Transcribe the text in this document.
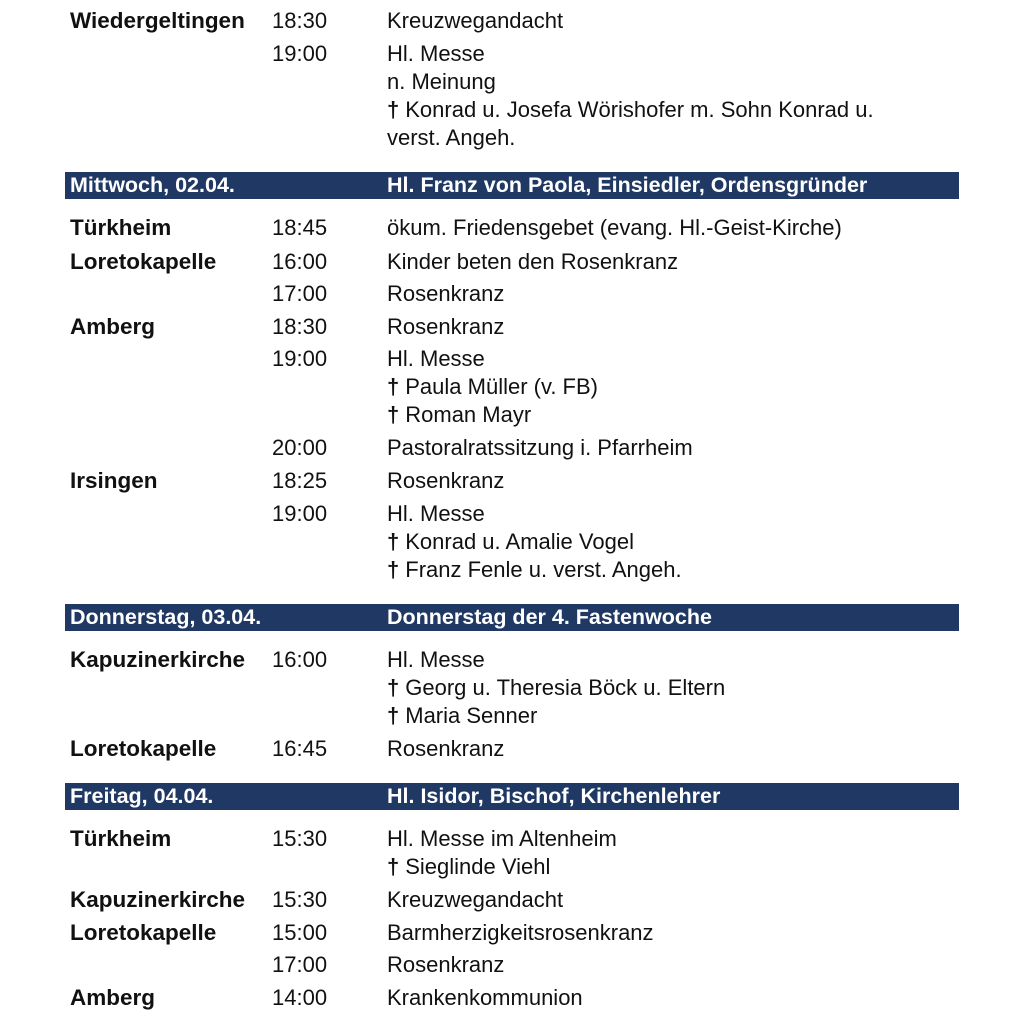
Wiedergeltingen 18:30	Kreuzwegandacht
19:00	Hl. Messe
n. Meinung
† Konrad u. Josefa Wörishofer m. Sohn Konrad u.
verst. Angeh.
Mittwoch, 02.04.	Hl. Franz von Paola, Einsiedler, Ordensgründer
Türkheim	18:45	ökum. Friedensgebet (evang. Hl.-Geist-Kirche)
Loretokapelle	16:00	Kinder beten den Rosenkranz
17:00	Rosenkranz
Amberg	18:30	Rosenkranz
19:00	Hl. Messe
† Paula Müller (v. FB)
† Roman Mayr
20:00	Pastoralratssitzung i. Pfarrheim
Irsingen	18:25	Rosenkranz
19:00	Hl. Messe
† Konrad u. Amalie Vogel
† Franz Fenle u. verst. Angeh.
Donnerstag, 03.04.	Donnerstag der 4. Fastenwoche
Kapuzinerkirche 16:00	Hl. Messe
† Georg u. Theresia Böck u. Eltern
† Maria Senner
Loretokapelle	16:45	Rosenkranz
Freitag, 04.04.	Hl. Isidor, Bischof, Kirchenlehrer
Türkheim	15:30	Hl. Messe im Altenheim
† Sieglinde Viehl
Kapuzinerkirche 15:30	Kreuzwegandacht
Loretokapelle	15:00	Barmherzigkeitsrosenkranz
17:00	Rosenkranz
Amberg	14:00	Krankenkommunion
